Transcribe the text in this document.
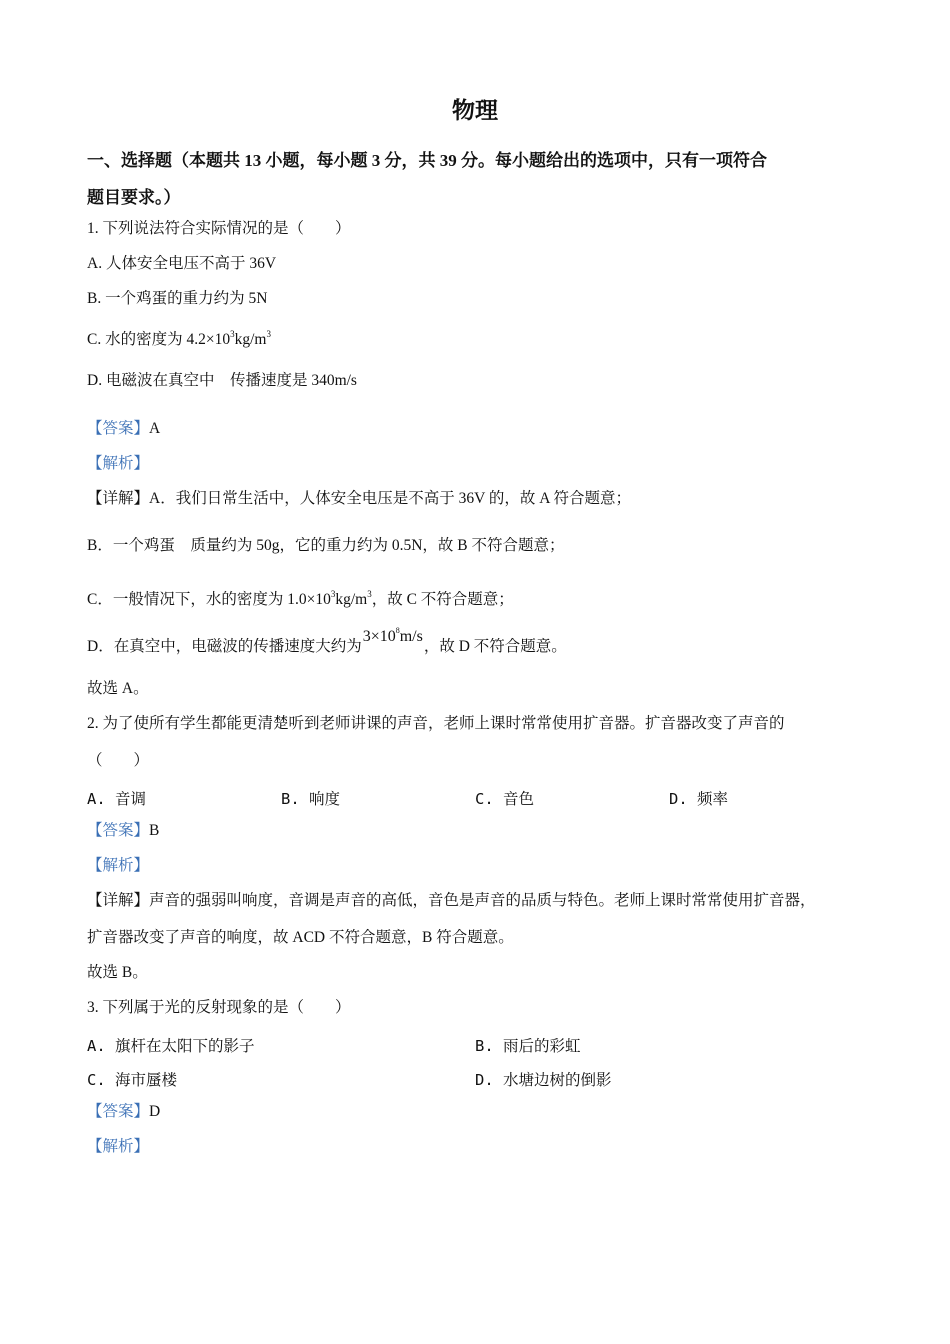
物理
一、选择题（本题共 13 小题，每小题 3 分，共 39 分。每小题给出的选项中，只有一项符合
题目要求。）
1. 下列说法符合实际情况的是（　　）
A. 人体安全电压不高于 36V
B. 一个鸡蛋的重力约为 5N
C. 水的密度为 $4.2\times 10^3kg/m^3$
D. 电磁波在真空中　传播速度是 340m/s
【答案】A
【解析】
【详解】A．我们日常生活中，人体安全电压是不高于 36V 的，故 A 符合题意；
B．一个鸡蛋　质量约为 50g，它的重力约为 0.5N，故 B 不符合题意；
C．一般情况下，水的密度为 $1.0\times 10^3kg/m^3$，故 C 不符合题意；
D．在真空中，电磁波的传播速度大约为$3\times 10^8m/s$，故 D 不符合题意。
故选 A。
2. 为了使所有学生都能更清楚听到老师讲课的声音，老师上课时常常使用扩音器。扩音器改变了声音的
（　　）
A. 音调	B. 响度	C. 音色	D. 频率
【答案】B
【解析】
【详解】声音的强弱叫响度，音调是声音的高低，音色是声音的品质与特色。老师上课时常常使用扩音器，
扩音器改变了声音的响度，故 ACD 不符合题意，B 符合题意。
故选 B。
3. 下列属于光的反射现象的是（　　）
A. 旗杆在太阳下的影子	B. 雨后的彩虹
C. 海市蜃楼	D. 水塘边树的倒影
【答案】D
【解析】
